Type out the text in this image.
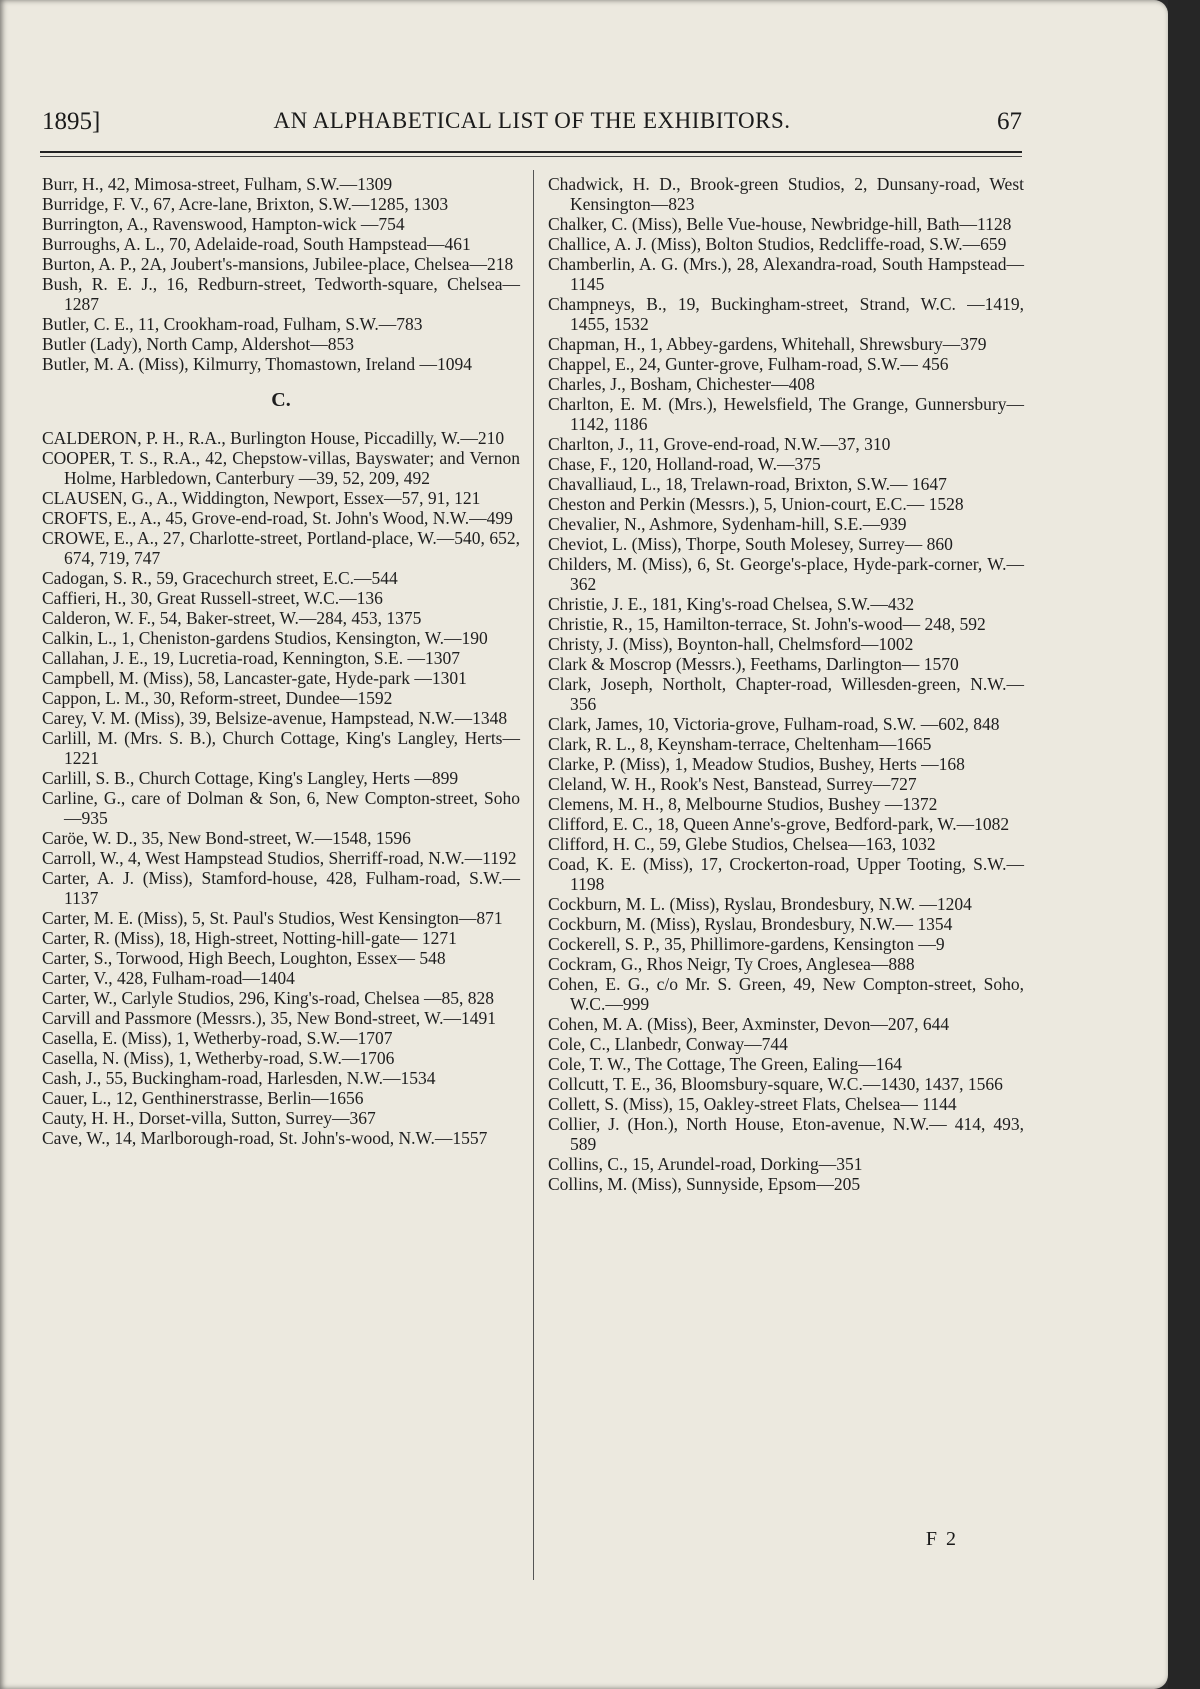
AN ALPHABETICAL LIST OF THE EXHIBITORS.
1895]	67

Burr, H., 42, Mimosa-street, Fulham, S.W.—1309

Burridge, F. V., 67, Acre-lane, Brixton, S.W.—1285, 1303

Burrington, A., Ravenswood, Hampton-wick —754

Burroughs, A. L., 70, Adelaide-road, South Hampstead—461

Burton, A. P., 2A, Joubert's-mansions, Jubilee-place, Chelsea—218

Bush, R. E. J., 16, Redburn-street, Tedworth-square, Chelsea—1287

Butler, C. E., 11, Crookham-road, Fulham, S.W.—783

Butler (Lady), North Camp, Aldershot—853

Butler, M. A. (Miss), Kilmurry, Thomastown, Ireland —1094

C.

CALDERON, P. H., R.A., Burlington House, Piccadilly, W.—210

COOPER, T. S., R.A., 42, Chepstow-villas, Bayswater; and Vernon Holme, Harbledown, Canterbury —39, 52, 209, 492

CLAUSEN, G., A., Widdington, Newport, Essex—57, 91, 121

CROFTS, E., A., 45, Grove-end-road, St. John's Wood, N.W.—499

CROWE, E., A., 27, Charlotte-street, Portland-place, W.—540, 652, 674, 719, 747

Cadogan, S. R., 59, Gracechurch street, E.C.—544

Caffieri, H., 30, Great Russell-street, W.C.—136

Calderon, W. F., 54, Baker-street, W.—284, 453, 1375

Calkin, L., 1, Cheniston-gardens Studios, Kensington, W.—190

Callahan, J. E., 19, Lucretia-road, Kennington, S.E. —1307

Campbell, M. (Miss), 58, Lancaster-gate, Hyde-park —1301

Cappon, L. M., 30, Reform-street, Dundee—1592

Carey, V. M. (Miss), 39, Belsize-avenue, Hampstead, N.W.—1348

Carlill, M. (Mrs. S. B.), Church Cottage, King's Langley, Herts—1221

Carlill, S. B., Church Cottage, King's Langley, Herts —899

Carline, G., care of Dolman & Son, 6, New Compton-street, Soho—935

Caröe, W. D., 35, New Bond-street, W.—1548, 1596

Carroll, W., 4, West Hampstead Studios, Sherriff-road, N.W.—1192

Carter, A. J. (Miss), Stamford-house, 428, Fulham-road, S.W.—1137

Carter, M. E. (Miss), 5, St. Paul's Studios, West Kensington—871

Carter, R. (Miss), 18, High-street, Notting-hill-gate— 1271

Carter, S., Torwood, High Beech, Loughton, Essex— 548

Carter, V., 428, Fulham-road—1404

Carter, W., Carlyle Studios, 296, King's-road, Chelsea —85, 828

Carvill and Passmore (Messrs.), 35, New Bond-street, W.—1491

Casella, E. (Miss), 1, Wetherby-road, S.W.—1707

Casella, N. (Miss), 1, Wetherby-road, S.W.—1706

Cash, J., 55, Buckingham-road, Harlesden, N.W.—1534

Cauer, L., 12, Genthinerstrasse, Berlin—1656

Cauty, H. H., Dorset-villa, Sutton, Surrey—367

Cave, W., 14, Marlborough-road, St. John's-wood, N.W.—1557

Chadwick, H. D., Brook-green Studios, 2, Dunsany-road, West Kensington—823

Chalker, C. (Miss), Belle Vue-house, Newbridge-hill, Bath—1128

Challice, A. J. (Miss), Bolton Studios, Redcliffe-road, S.W.—659

Chamberlin, A. G. (Mrs.), 28, Alexandra-road, South Hampstead—1145

Champneys, B., 19, Buckingham-street, Strand, W.C. —1419, 1455, 1532

Chapman, H., 1, Abbey-gardens, Whitehall, Shrewsbury—379

Chappel, E., 24, Gunter-grove, Fulham-road, S.W.— 456

Charles, J., Bosham, Chichester—408

Charlton, E. M. (Mrs.), Hewelsfield, The Grange, Gunnersbury—1142, 1186

Charlton, J., 11, Grove-end-road, N.W.—37, 310

Chase, F., 120, Holland-road, W.—375

Chavalliaud, L., 18, Trelawn-road, Brixton, S.W.— 1647

Cheston and Perkin (Messrs.), 5, Union-court, E.C.— 1528

Chevalier, N., Ashmore, Sydenham-hill, S.E.—939

Cheviot, L. (Miss), Thorpe, South Molesey, Surrey— 860

Childers, M. (Miss), 6, St. George's-place, Hyde-park-corner, W.—362

Christie, J. E., 181, King's-road Chelsea, S.W.—432

Christie, R., 15, Hamilton-terrace, St. John's-wood— 248, 592

Christy, J. (Miss), Boynton-hall, Chelmsford—1002

Clark & Moscrop (Messrs.), Feethams, Darlington— 1570

Clark, Joseph, Northolt, Chapter-road, Willesden-green, N.W.—356

Clark, James, 10, Victoria-grove, Fulham-road, S.W. —602, 848

Clark, R. L., 8, Keynsham-terrace, Cheltenham—1665

Clarke, P. (Miss), 1, Meadow Studios, Bushey, Herts —168

Cleland, W. H., Rook's Nest, Banstead, Surrey—727

Clemens, M. H., 8, Melbourne Studios, Bushey —1372

Clifford, E. C., 18, Queen Anne's-grove, Bedford-park, W.—1082

Clifford, H. C., 59, Glebe Studios, Chelsea—163, 1032

Coad, K. E. (Miss), 17, Crockerton-road, Upper Tooting, S.W.—1198

Cockburn, M. L. (Miss), Ryslau, Brondesbury, N.W. —1204

Cockburn, M. (Miss), Ryslau, Brondesbury, N.W.— 1354

Cockerell, S. P., 35, Phillimore-gardens, Kensington —9

Cockram, G., Rhos Neigr, Ty Croes, Anglesea—888

Cohen, E. G., c/o Mr. S. Green, 49, New Compton-street, Soho, W.C.—999

Cohen, M. A. (Miss), Beer, Axminster, Devon—207, 644

Cole, C., Llanbedr, Conway—744

Cole, T. W., The Cottage, The Green, Ealing—164

Collcutt, T. E., 36, Bloomsbury-square, W.C.—1430, 1437, 1566

Collett, S. (Miss), 15, Oakley-street Flats, Chelsea— 1144

Collier, J. (Hon.), North House, Eton-avenue, N.W.— 414, 493, 589

Collins, C., 15, Arundel-road, Dorking—351

Collins, M. (Miss), Sunnyside, Epsom—205

F 2
